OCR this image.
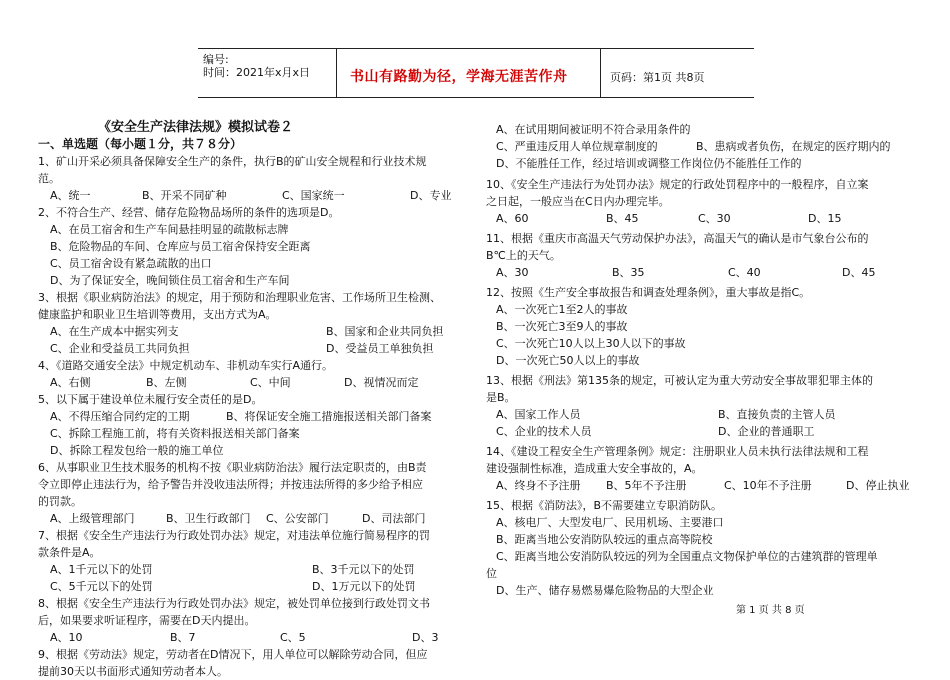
编号:
时间：2021年x月x日	书山有路勤为径，学海无涯苦作舟	页码：第1页 共8页

《安全生产法律法规》模拟试卷２

一、单选题（每小题１分，共７８分）

1、矿山开采必须具备保障安全生产的条件，执行B的矿山安全规程和行业技术规

范。

A、统一	B、开采不同矿种	C、国家统一	D、专业

2、不符合生产、经营、储存危险物品场所的条件的选项是D。

A、在员工宿舍和生产车间悬挂明显的疏散标志牌

B、危险物品的车间、仓库应与员工宿舍保持安全距离

C、员工宿舍设有紧急疏散的出口

D、为了保证安全，晚间锁住员工宿舍和生产车间

3、根据《职业病防治法》的规定，用于预防和治理职业危害、工作场所卫生检测、

健康监护和职业卫生培训等费用，支出方式为A。

A、在生产成本中据实列支	B、国家和企业共同负担

C、企业和受益员工共同负担	D、受益员工单独负担

4、《道路交通安全法》中规定机动车、非机动车实行A通行。

A、右侧	B、左侧	C、中间	D、视情况而定

5、以下属于建设单位未履行安全责任的是D。

A、不得压缩合同约定的工期	B、将保证安全施工措施报送相关部门备案

C、拆除工程施工前，将有关资料报送相关部门备案

D、拆除工程发包给一般的施工单位

6、从事职业卫生技术服务的机构不按《职业病防治法》履行法定职责的，由B责

令立即停止违法行为，给予警告并没收违法所得；并按违法所得的多少给予相应

的罚款。

A、上级管理部门	B、卫生行政部门	C、公安部门	D、司法部门

7、根据《安全生产违法行为行政处罚办法》规定，对违法单位施行简易程序的罚

款条件是A。

A、1千元以下的处罚	B、3千元以下的处罚

C、5千元以下的处罚	D、1万元以下的处罚

8、根据《安全生产违法行为行政处罚办法》规定，被处罚单位接到行政处罚文书

后，如果要求听证程序，需要在D天内提出。

A、10	B、7	C、5	D、3

9、根据《劳动法》规定，劳动者在D情况下，用人单位可以解除劳动合同，但应

提前30天以书面形式通知劳动者本人。

A、在试用期间被证明不符合录用条件的

C、严重违反用人单位规章制度的	B、患病或者负伤，在规定的医疗期内的

D、不能胜任工作，经过培训或调整工作岗位仍不能胜任工作的

10、《安全生产违法行为处罚办法》规定的行政处罚程序中的一般程序，自立案

之日起，一般应当在C日内办理完毕。

A、60	B、45	C、30	D、15

11、根据《重庆市高温天气劳动保护办法》，高温天气的确认是市气象台公布的

B℃上的天气。

A、30	B、35	C、40	D、45

12、按照《生产安全事故报告和调查处理条例》，重大事故是指C。

A、一次死亡1至2人的事故

B、一次死亡3至9人的事故

C、一次死亡10人以上30人以下的事故

D、一次死亡50人以上的事故

13、根据《刑法》第135条的规定，可被认定为重大劳动安全事故罪犯罪主体的

是B。

A、国家工作人员	B、直接负责的主管人员

C、企业的技术人员	D、企业的普通职工

14、《建设工程安全生产管理条例》规定：注册职业人员未执行法律法规和工程

建设强制性标准，造成重大安全事故的，A。

A、终身不予注册	B、5年不予注册	C、10年不予注册	D、停止执业

15、根据《消防法》，B不需要建立专职消防队。

A、核电厂、大型发电厂、民用机场、主要港口

B、距离当地公安消防队较远的重点高等院校

C、距离当地公安消防队较远的列为全国重点文物保护单位的古建筑群的管理单

位

D、生产、储存易燃易爆危险物品的大型企业

第 1 页 共 8 页
